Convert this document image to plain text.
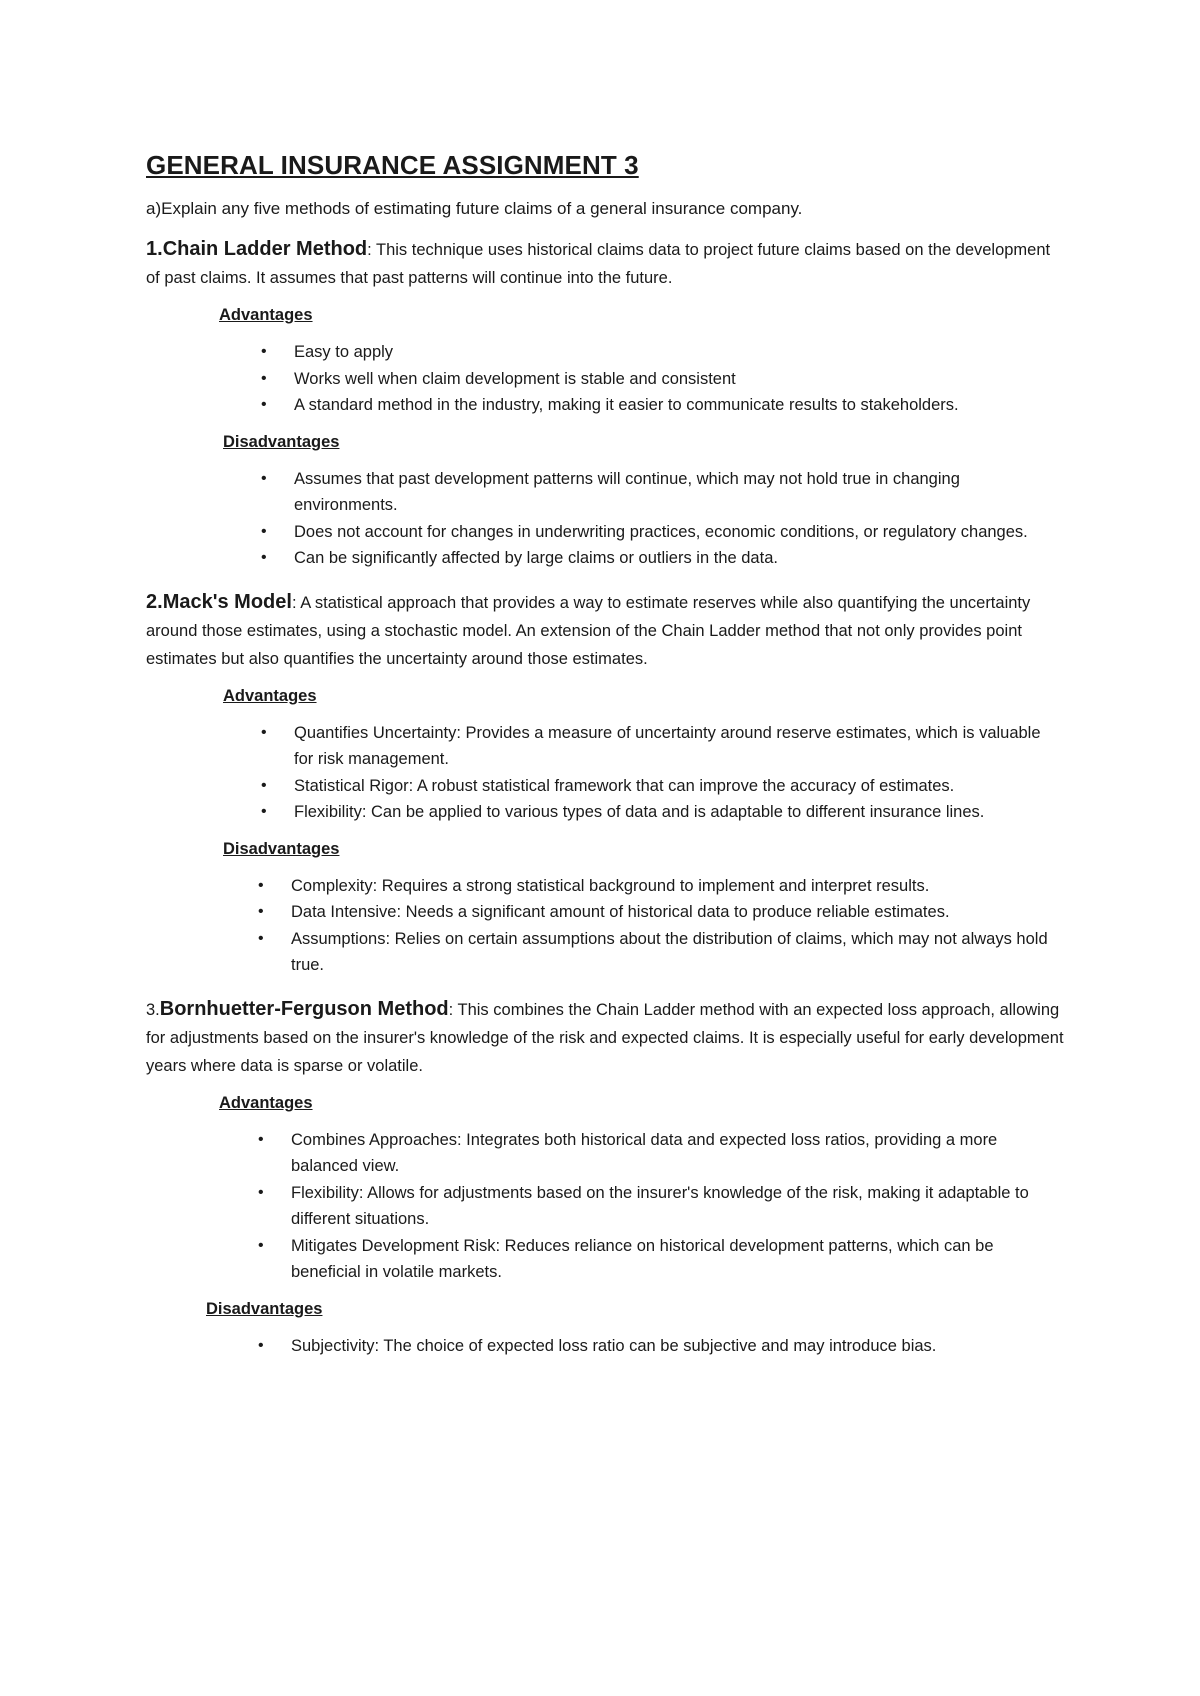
GENERAL INSURANCE ASSIGNMENT 3
a)Explain any five methods of estimating future claims of a general insurance company.

1.Chain Ladder Method: This technique uses historical claims data to project future claims based on the development of past claims. It assumes that past patterns will continue into the future.

Advantages
• Easy to apply
• Works well when claim development is stable and consistent
• A standard method in the industry, making it easier to communicate results to stakeholders.
Disadvantages
• Assumes that past development patterns will continue, which may not hold true in changing environments.
• Does not account for changes in underwriting practices, economic conditions, or regulatory changes.
• Can be significantly affected by large claims or outliers in the data.

2.Mack's Model: A statistical approach that provides a way to estimate reserves while also quantifying the uncertainty around those estimates, using a stochastic model. An extension of the Chain Ladder method that not only provides point estimates but also quantifies the uncertainty around those estimates.

Advantages
• Quantifies Uncertainty: Provides a measure of uncertainty around reserve estimates, which is valuable for risk management.
• Statistical Rigor: A robust statistical framework that can improve the accuracy of estimates.
• Flexibility: Can be applied to various types of data and is adaptable to different insurance lines.
Disadvantages
• Complexity: Requires a strong statistical background to implement and interpret results.
• Data Intensive: Needs a significant amount of historical data to produce reliable estimates.
• Assumptions: Relies on certain assumptions about the distribution of claims, which may not always hold true.

3.Bornhuetter-Ferguson Method: This combines the Chain Ladder method with an expected loss approach, allowing for adjustments based on the insurer's knowledge of the risk and expected claims. It is especially useful for early development years where data is sparse or volatile.

Advantages
• Combines Approaches: Integrates both historical data and expected loss ratios, providing a more balanced view.
• Flexibility: Allows for adjustments based on the insurer's knowledge of the risk, making it adaptable to different situations.
• Mitigates Development Risk: Reduces reliance on historical development patterns, which can be beneficial in volatile markets.
Disadvantages
• Subjectivity: The choice of expected loss ratio can be subjective and may introduce bias.
